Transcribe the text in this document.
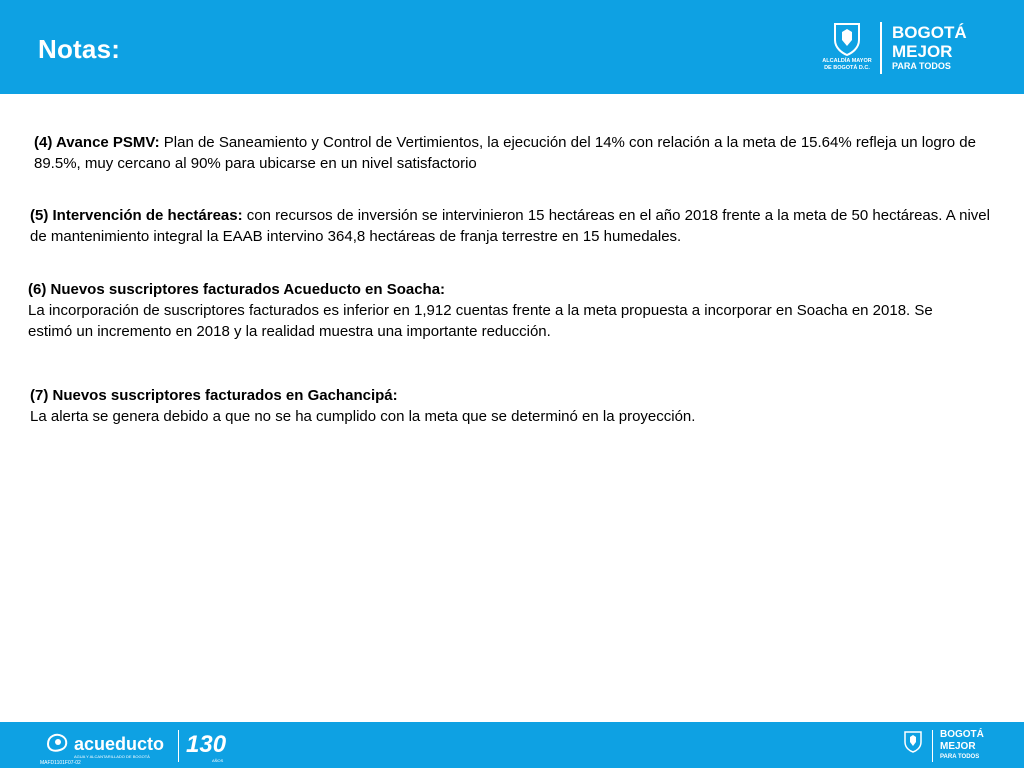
Notas:	ALCALDÍA MAYOR
DE BOGOTÁ D.C.
BOGOTÁ
MEJOR
PARA TODOS
(4) Avance PSMV: Plan de Saneamiento y Control de Vertimientos, la ejecución del 14% con relación a la meta de 15.64% refleja un logro de 89.5%, muy cercano al 90% para ubicarse en un nivel satisfactorio
(5) Intervención de hectáreas: con recursos de inversión se intervinieron 15 hectáreas en el año 2018 frente a la meta de 50 hectáreas. A nivel de mantenimiento integral la EAAB intervino 364,8 hectáreas de franja terrestre en 15 humedales.
(6) Nuevos suscriptores facturados Acueducto en Soacha:
La incorporación de suscriptores facturados es inferior en 1,912 cuentas frente a la meta propuesta a incorporar en Soacha en 2018. Se estimó un incremento en 2018 y la realidad muestra una importante reducción.
(7) Nuevos suscriptores facturados en Gachancipá:
La alerta se genera debido a que no se ha cumplido con la meta que se determinó en la proyección.
acueducto
AGUA Y ALCANTARILLADO DE BOGOTÁ
MAFD1101F07-02
130
AÑOS
BOGOTÁ
MEJOR
PARA TODOS
